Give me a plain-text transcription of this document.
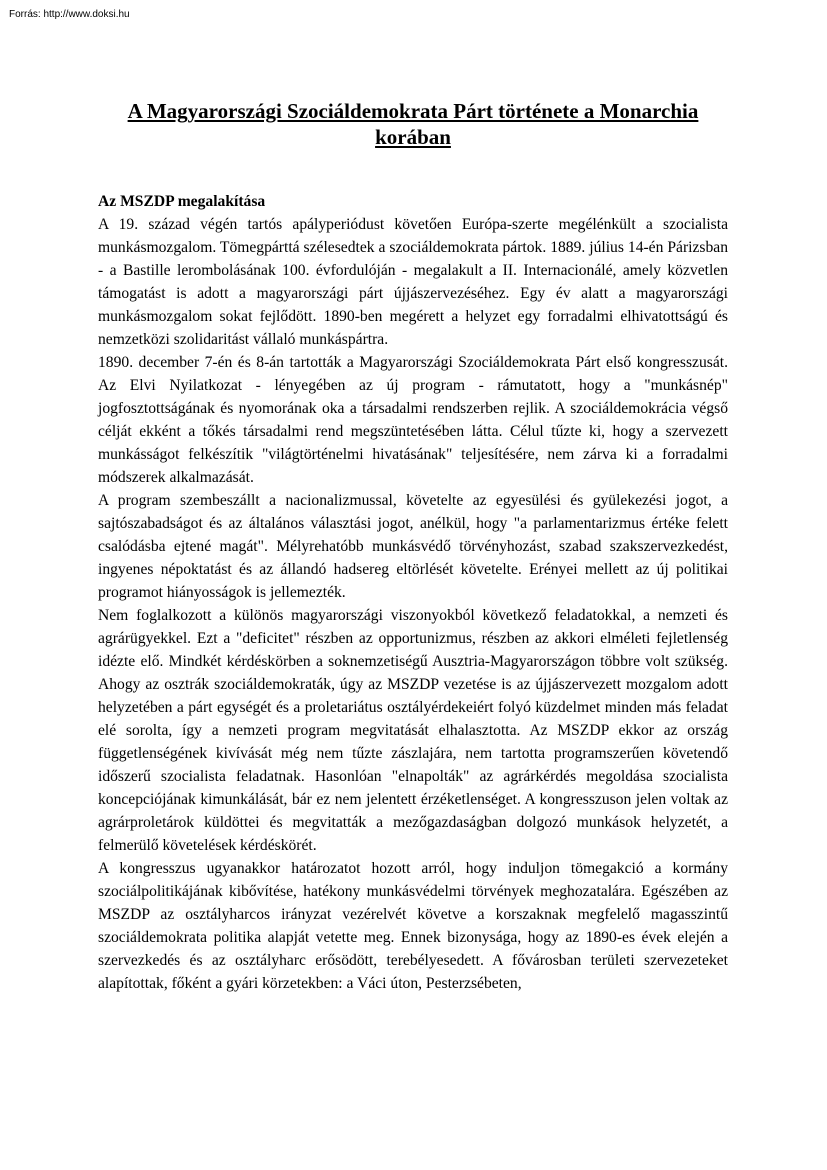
Forrás: http://www.doksi.hu
A Magyarországi Szociáldemokrata Párt története a Monarchia
korában
Az MSZDP megalakítása

A 19. század végén tartós apályperiódust követően Európa-szerte megélénkült a szocialista munkásmozgalom. Tömegpárttá szélesedtek a szociáldemokrata pártok. 1889. július 14-én Párizsban - a Bastille lerombolásának 100. évfordulóján - megalakult a II. Internacionálé, amely közvetlen támogatást is adott a magyarországi párt újjászervezéséhez. Egy év alatt a magyarországi munkásmozgalom sokat fejlődött. 1890-ben megérett a helyzet egy forradalmi elhivatottságú és nemzetközi szolidaritást vállaló munkáspártra.

1890. december 7-én és 8-án tartották a Magyarországi Szociáldemokrata Párt első kongresszusát. Az Elvi Nyilatkozat - lényegében az új program - rámutatott, hogy a "munkásnép" jogfosztottságának és nyomorának oka a társadalmi rendszerben rejlik. A szociáldemokrácia végső célját ekként a tőkés társadalmi rend megszüntetésében látta. Célul tűzte ki, hogy a szervezett munkásságot felkészítik "világtörténelmi hivatásának" teljesítésére, nem zárva ki a forradalmi módszerek alkalmazását.

A program szembeszállt a nacionalizmussal, követelte az egyesülési és gyülekezési jogot, a sajtószabadságot és az általános választási jogot, anélkül, hogy "a parlamentarizmus értéke felett csalódásba ejtené magát". Mélyrehatóbb munkásvédő törvényhozást, szabad szakszervezkedést, ingyenes népoktatást és az állandó hadsereg eltörlését követelte. Erényei mellett az új politikai programot hiányosságok is jellemezték.

Nem foglalkozott a különös magyarországi viszonyokból következő feladatokkal, a nemzeti és agrárügyekkel. Ezt a "deficitet" részben az opportunizmus, részben az akkori elméleti fejletlenség idézte elő. Mindkét kérdéskörben a soknemzetiségű Ausztria-Magyarországon többre volt szükség. Ahogy az osztrák szociáldemokraták, úgy az MSZDP vezetése is az újjászervezett mozgalom adott helyzetében a párt egységét és a proletariátus osztályérdekeiért folyó küzdelmet minden más feladat elé sorolta, így a nemzeti program megvitatását elhalasztotta. Az MSZDP ekkor az ország függetlenségének kivívását még nem tűzte zászlajára, nem tartotta programszerűen követendő időszerű szocialista feladatnak. Hasonlóan "elnapolták" az agrárkérdés megoldása szocialista koncepciójának kimunkálását, bár ez nem jelentett érzéketlenséget. A kongresszuson jelen voltak az agrárproletárok küldöttei és megvitatták a mezőgazdaságban dolgozó munkások helyzetét, a felmerülő követelések kérdéskörét.

A kongresszus ugyanakkor határozatot hozott arról, hogy induljon tömegakció a kormány szociálpolitikájának kibővítése, hatékony munkásvédelmi törvények meghozatalára. Egészében az MSZDP az osztályharcos irányzat vezérelvét követve a korszaknak megfelelő magasszintű szociáldemokrata politika alapját vetette meg. Ennek bizonysága, hogy az 1890-es évek elején a szervezkedés és az osztályharc erősödött, terebélyesedett. A fővárosban területi szervezeteket alapítottak, főként a gyári körzetekben: a Váci úton, Pesterzsébeten,
